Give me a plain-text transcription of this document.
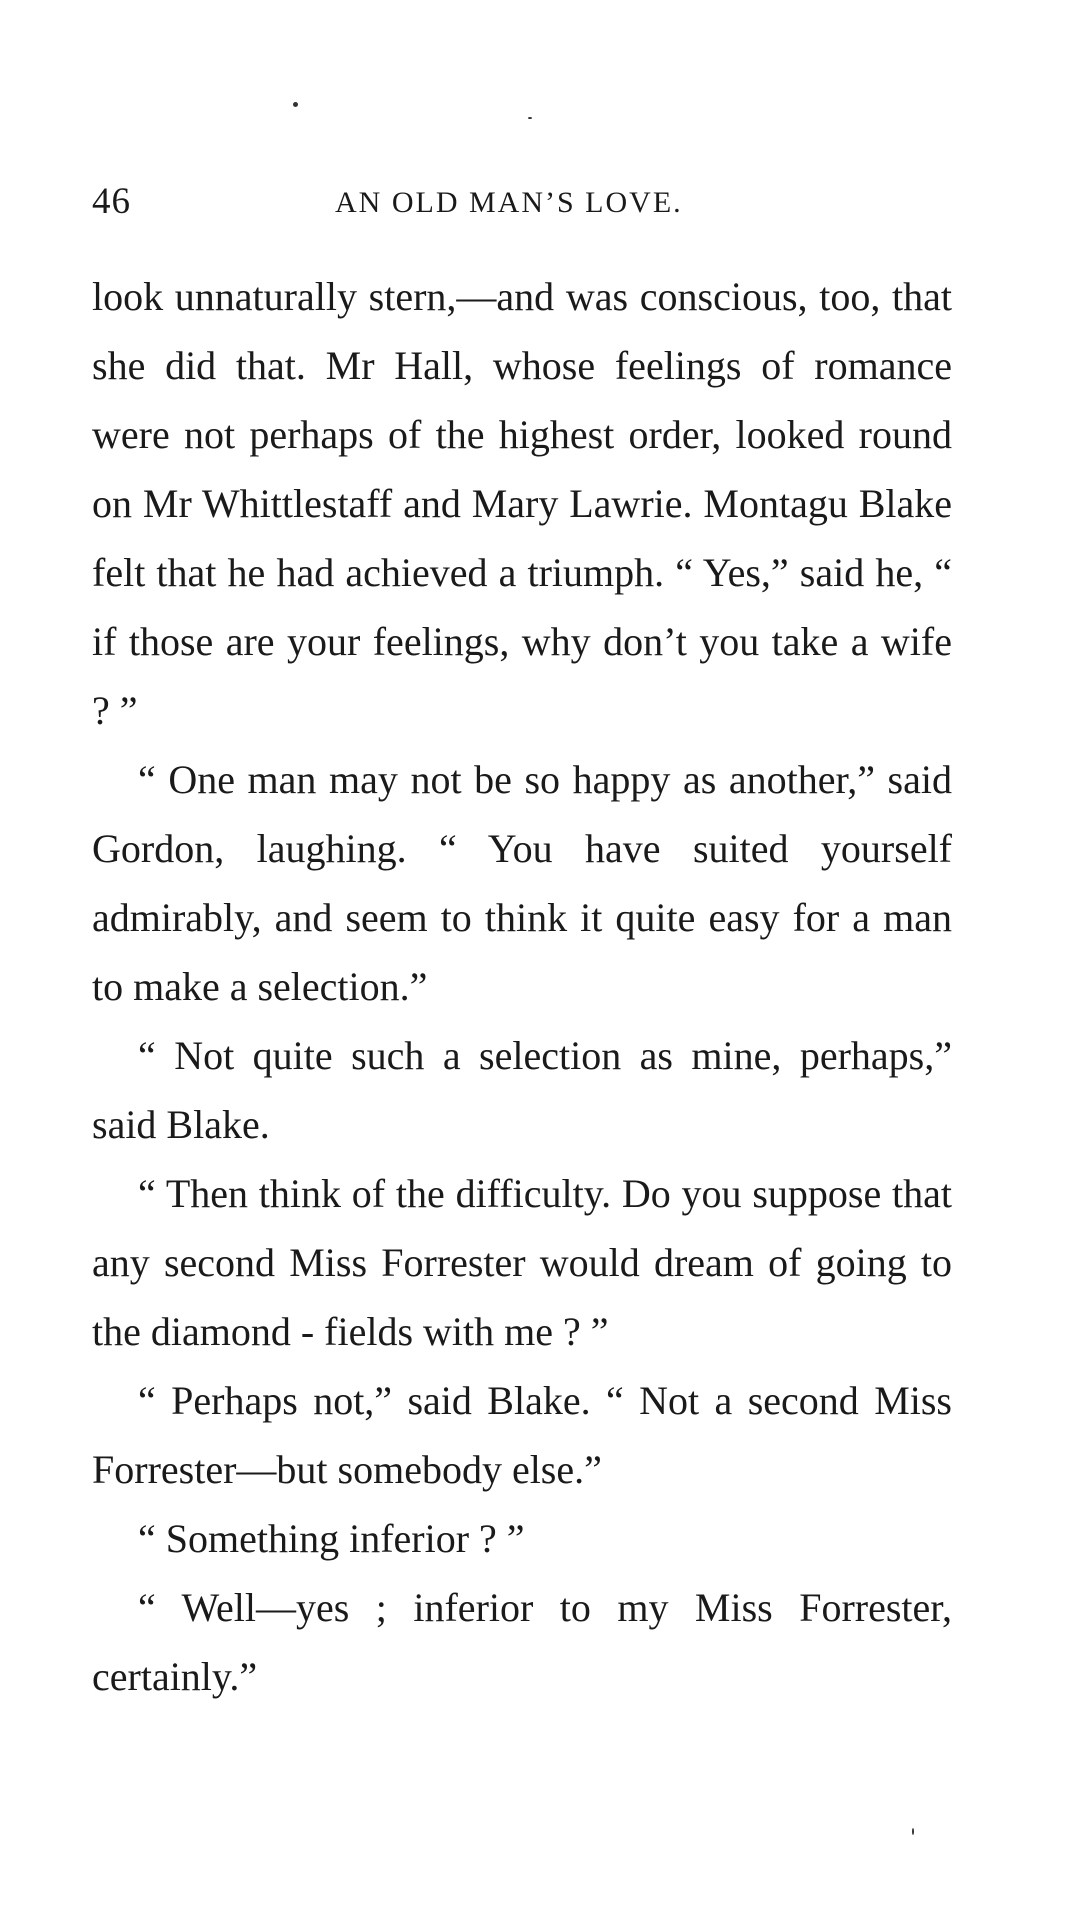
46	AN OLD MAN’S LOVE.

look unnaturally stern,—and was conscious, too, that she did that. Mr Hall, whose feelings of romance were not perhaps of the highest order, looked round on Mr Whittlestaff and Mary Lawrie. Montagu Blake felt that he had achieved a triumph. “ Yes,” said he, “ if those are your feelings, why don’t you take a wife ? ”

“ One man may not be so happy as another,” said Gordon, laughing. “ You have suited yourself admirably, and seem to think it quite easy for a man to make a selection.”

“ Not quite such a selection as mine, perhaps,” said Blake.

“ Then think of the difficulty. Do you suppose that any second Miss Forrester would dream of going to the diamond - fields with me ? ”

“ Perhaps not,” said Blake. “ Not a second Miss Forrester—but somebody else.”

“ Something inferior ? ”

“ Well—yes ; inferior to my Miss Forrester, certainly.”
